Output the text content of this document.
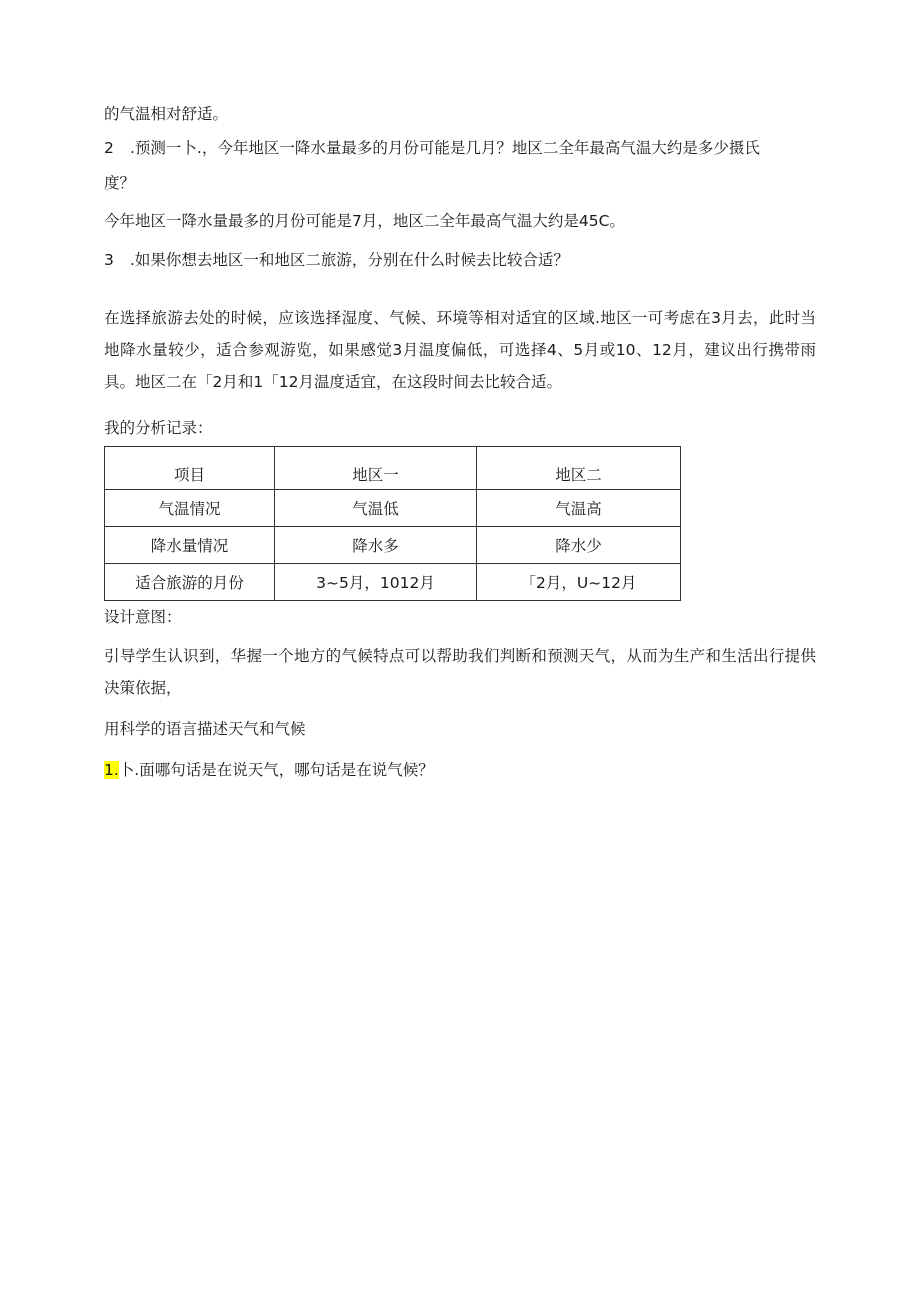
的气温相对舒适。
2 .预测一卜.，今年地区一降水量最多的月份可能是几月？地区二全年最高气温大约是多少摄氏
度？
今年地区一降水量最多的月份可能是7月，地区二全年最高气温大约是45C。
3 .如果你想去地区一和地区二旅游，分别在什么时候去比较合适？
在选择旅游去处的时候，应该选择湿度、气候、环境等相对适宜的区域.地区一可考虑在3月去，此时当地降水量较少，适合参观游览，如果感觉3月温度偏低，可选择4、5月或10、12月，建议出行携带雨具。地区二在「2月和1「12月温度适宜，在这段时间去比较合适。
我的分析记录：
项目	地区一	地区二
气温情况	气温低	气温高
降水量情况	降水多	降水少
适合旅游的月份	3~5月，1012月	「2月，U~12月
设计意图：
引导学生认识到，华握一个地方的气候特点可以帮助我们判断和预测天气，从而为生产和生活出行提供决策依据，
用科学的语言描述天气和气候
1.卜.面哪句话是在说天气，哪句话是在说气候？
